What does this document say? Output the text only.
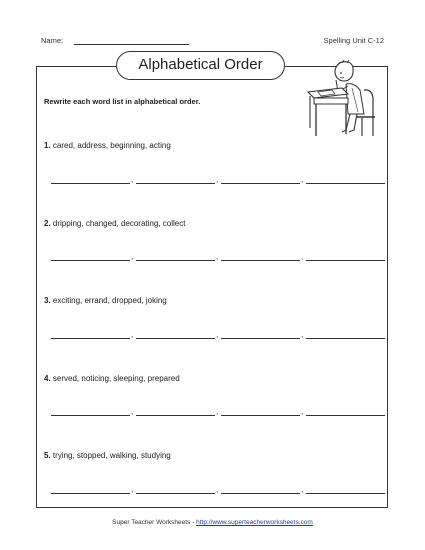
Name:	Spelling Unit C-12
Alphabetical Order
Rewrite each word list in alphabetical order.
1. cared, address, beginning, acting
,	,	,
2. dripping, changed, decorating, collect
,	,	,
3. exciting, errand, dropped, joking
,	,	,
4. served, noticing, sleeping, prepared
,	,	,
5. trying, stopped, walking, studying
,	,	,
Super Teacher Worksheets - http://www.superteacherworksheets.com
